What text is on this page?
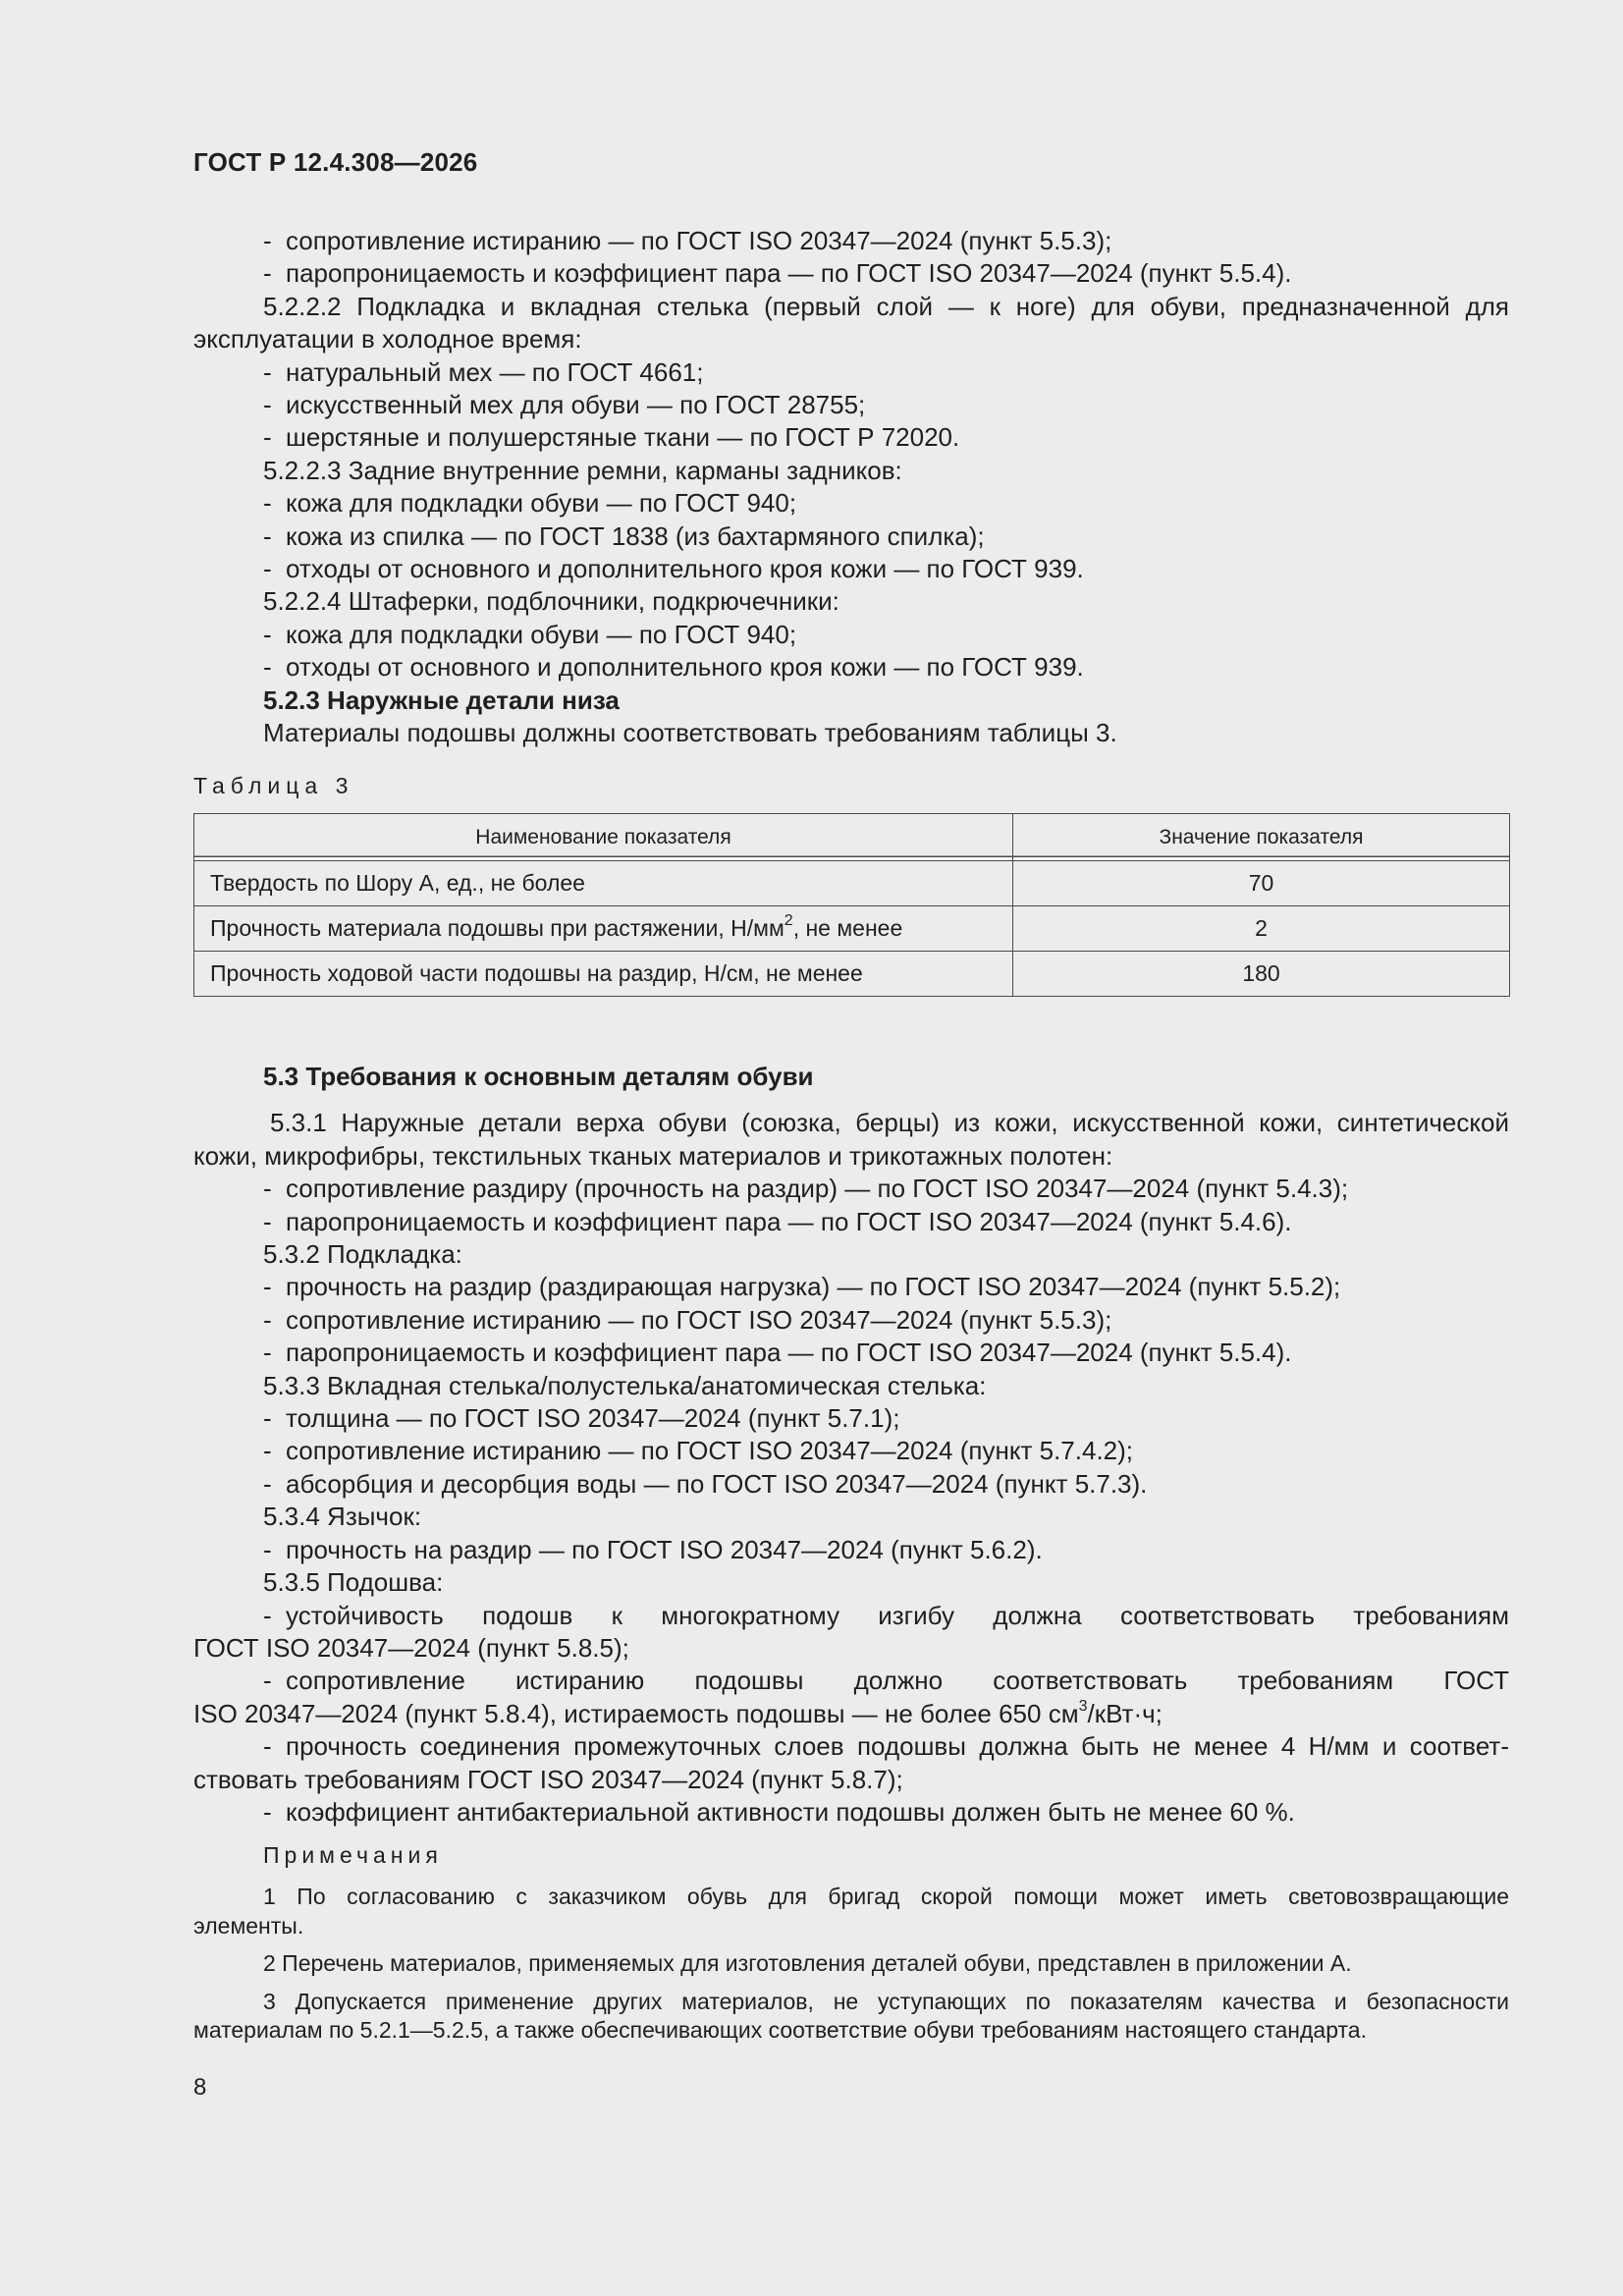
ГОСТ Р 12.4.308—2026
- сопротивление истиранию — по ГОСТ ISO 20347—2024 (пункт 5.5.3);
- паропроницаемость и коэффициент пара — по ГОСТ ISO 20347—2024 (пункт 5.5.4).
5.2.2.2 Подкладка и вкладная стелька (первый слой — к ноге) для обуви, предназначенной для
эксплуатации в холодное время:
- натуральный мех — по ГОСТ 4661;
- искусственный мех для обуви — по ГОСТ 28755;
- шерстяные и полушерстяные ткани — по ГОСТ Р 72020.
5.2.2.3 Задние внутренние ремни, карманы задников:
- кожа для подкладки обуви — по ГОСТ 940;
- кожа из спилка — по ГОСТ 1838 (из бахтармяного спилка);
- отходы от основного и дополнительного кроя кожи — по ГОСТ 939.
5.2.2.4 Штаферки, подблочники, подкрючечники:
- кожа для подкладки обуви — по ГОСТ 940;
- отходы от основного и дополнительного кроя кожи — по ГОСТ 939.
5.2.3 Наружные детали низа
Материалы подошвы должны соответствовать требованиям таблицы 3.
Таблица 3
Наименование показателя	Значение показателя
Твердость по Шору А, ед., не более	70
Прочность материала подошвы при растяжении, $Н/мм^2$, не менее	2
Прочность ходовой части подошвы на раздир, Н/см, не менее	180
5.3 Требования к основным деталям обуви
5.3.1 Наружные детали верха обуви (союзка, берцы) из кожи, искусственной кожи, синтетической
кожи, микрофибры, текстильных тканых материалов и трикотажных полотен:
- сопротивление раздиру (прочность на раздир) — по ГОСТ ISO 20347—2024 (пункт 5.4.3);
- паропроницаемость и коэффициент пара — по ГОСТ ISO 20347—2024 (пункт 5.4.6).
5.3.2 Подкладка:
- прочность на раздир (раздирающая нагрузка) — по ГОСТ ISO 20347—2024 (пункт 5.5.2);
- сопротивление истиранию — по ГОСТ ISO 20347—2024 (пункт 5.5.3);
- паропроницаемость и коэффициент пара — по ГОСТ ISO 20347—2024 (пункт 5.5.4).
5.3.3 Вкладная стелька/полустелька/анатомическая стелька:
- толщина — по ГОСТ ISO 20347—2024 (пункт 5.7.1);
- сопротивление истиранию — по ГОСТ ISO 20347—2024 (пункт 5.7.4.2);
- абсорбция и десорбция воды — по ГОСТ ISO 20347—2024 (пункт 5.7.3).
5.3.4 Язычок:
- прочность на раздир — по ГОСТ ISO 20347—2024 (пункт 5.6.2).
5.3.5 Подошва:
- устойчивость подошв к многократному изгибу должна соответствовать требованиям
ГОСТ ISO 20347—2024 (пункт 5.8.5);
- сопротивление истиранию подошвы должно соответствовать требованиям ГОСТ
ISO 20347—2024 (пункт 5.8.4), истираемость подошвы — не более 650 $см^3/кВт\cdot ч$;
- прочность соединения промежуточных слоев подошвы должна быть не менее 4 Н/мм и соответ-
ствовать требованиям ГОСТ ISO 20347—2024 (пункт 5.8.7);
- коэффициент антибактериальной активности подошвы должен быть не менее 60 %.
Примечания
1 По согласованию с заказчиком обувь для бригад скорой помощи может иметь световозвращающие
элементы.
2 Перечень материалов, применяемых для изготовления деталей обуви, представлен в приложении А.
3 Допускается применение других материалов, не уступающих по показателям качества и безопасности
материалам по 5.2.1—5.2.5, а также обеспечивающих соответствие обуви требованиям настоящего стандарта.
8
